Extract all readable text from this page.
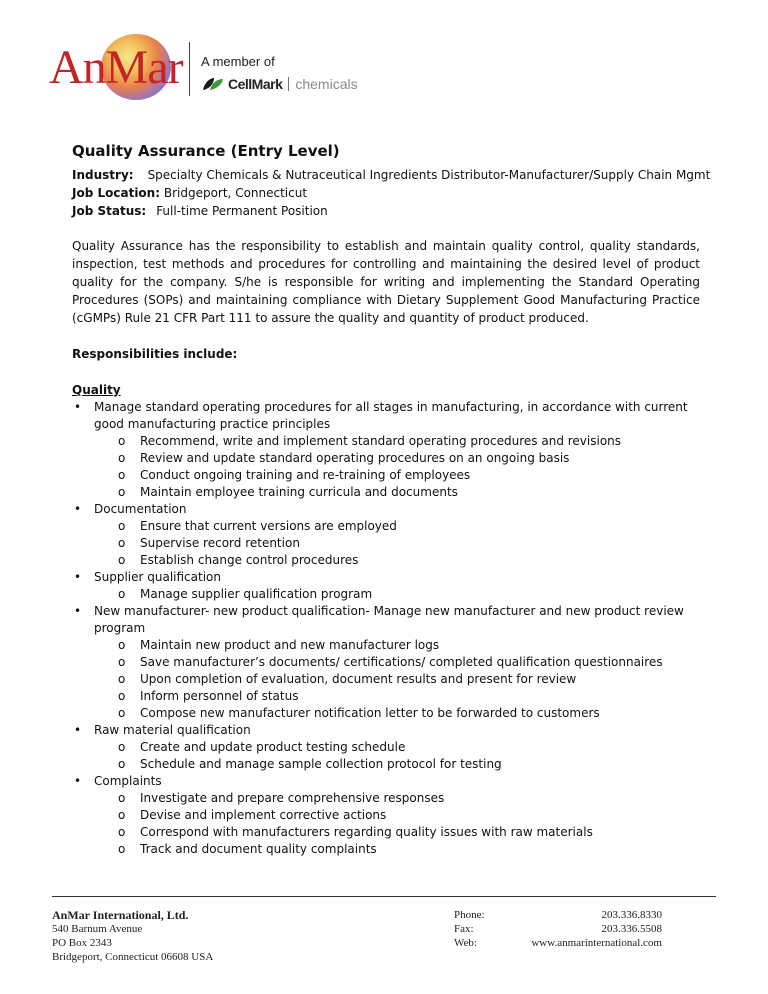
AnMar A member of
CellMark chemicals
Quality Assurance (Entry Level)
Industry: Specialty Chemicals & Nutraceutical Ingredients Distributor-Manufacturer/Supply Chain Mgmt
Job Location: Bridgeport, Connecticut
Job Status: Full-time Permanent Position
Quality Assurance has the responsibility to establish and maintain quality control, quality standards, inspection, test methods and procedures for controlling and maintaining the desired level of product quality for the company. S/he is responsible for writing and implementing the Standard Operating Procedures (SOPs) and maintaining compliance with Dietary Supplement Good Manufacturing Practice (cGMPs) Rule 21 CFR Part 111 to assure the quality and quantity of product produced.
Responsibilities include:
Quality
• Manage standard operating procedures for all stages in manufacturing, in accordance with current good manufacturing practice principles
o Recommend, write and implement standard operating procedures and revisions
o Review and update standard operating procedures on an ongoing basis
o Conduct ongoing training and re-training of employees
o Maintain employee training curricula and documents
• Documentation
o Ensure that current versions are employed
o Supervise record retention
o Establish change control procedures
• Supplier qualification
o Manage supplier qualification program
• New manufacturer- new product qualification- Manage new manufacturer and new product review program
o Maintain new product and new manufacturer logs
o Save manufacturer’s documents/ certifications/ completed qualification questionnaires
o Upon completion of evaluation, document results and present for review
o Inform personnel of status
o Compose new manufacturer notification letter to be forwarded to customers
• Raw material qualification
o Create and update product testing schedule
o Schedule and manage sample collection protocol for testing
• Complaints
o Investigate and prepare comprehensive responses
o Devise and implement corrective actions
o Correspond with manufacturers regarding quality issues with raw materials
o Track and document quality complaints
AnMar International, Ltd.
540 Barnum Avenue
PO Box 2343
Bridgeport, Connecticut 06608 USA
Phone:
Fax:
Web:
203.336.8330
203.336.5508
www.anmarinternational.com
